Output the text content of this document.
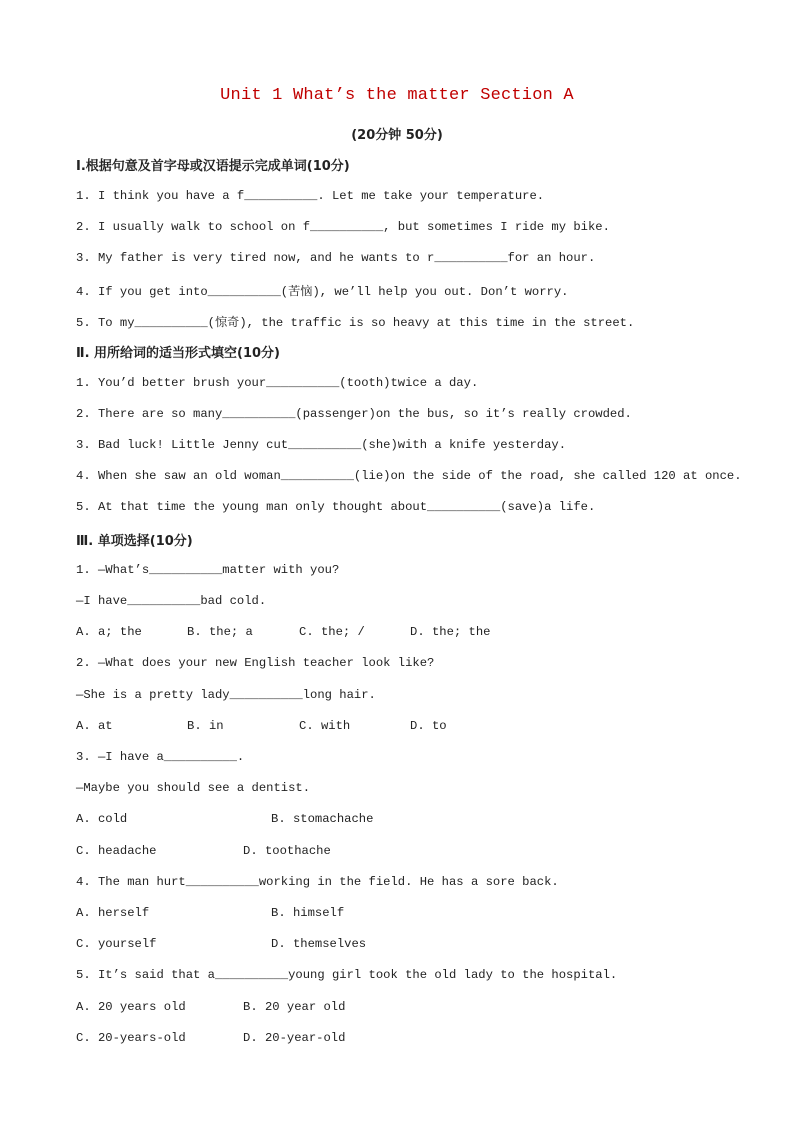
Unit 1 What’s the matter Section A
(20分钟 50分)
Ⅰ.根据句意及首字母或汉语提示完成单词(10分)
1. I think you have a f__________. Let me take your temperature.
2. I usually walk to school on f__________, but sometimes I ride my bike.
3. My father is very tired now, and he wants to r__________for an hour.
4. If you get into__________(苦恼), we’ll help you out. Don’t worry.
5. To my__________(惊奇), the traffic is so heavy at this time in the street.
Ⅱ. 用所给词的适当形式填空(10分)
1. You’d better brush your__________(tooth)twice a day.
2. There are so many__________(passenger)on the bus, so it’s really crowded.
3. Bad luck! Little Jenny cut__________(she)with a knife yesterday.
4. When she saw an old woman__________(lie)on the side of the road, she called 120 at once.
5. At that time the young man only thought about__________(save)a life.
Ⅲ. 单项选择(10分)
1. —What’s__________matter with you?
—I have__________bad cold.
A. a; the	B. the; a	C. the; /	D. the; the
2. —What does your new English teacher look like?
—She is a pretty lady__________long hair.
A. at	B. in	C. with	D. to
3. —I have a__________.
—Maybe you should see a dentist.
A. cold	B. stomachache
C. headache	D. toothache
4. The man hurt__________working in the field. He has a sore back.
A. herself	B. himself
C. yourself	D. themselves
5. It’s said that a__________young girl took the old lady to the hospital.
A. 20 years old	B. 20 year old
C. 20-years-old	D. 20-year-old
